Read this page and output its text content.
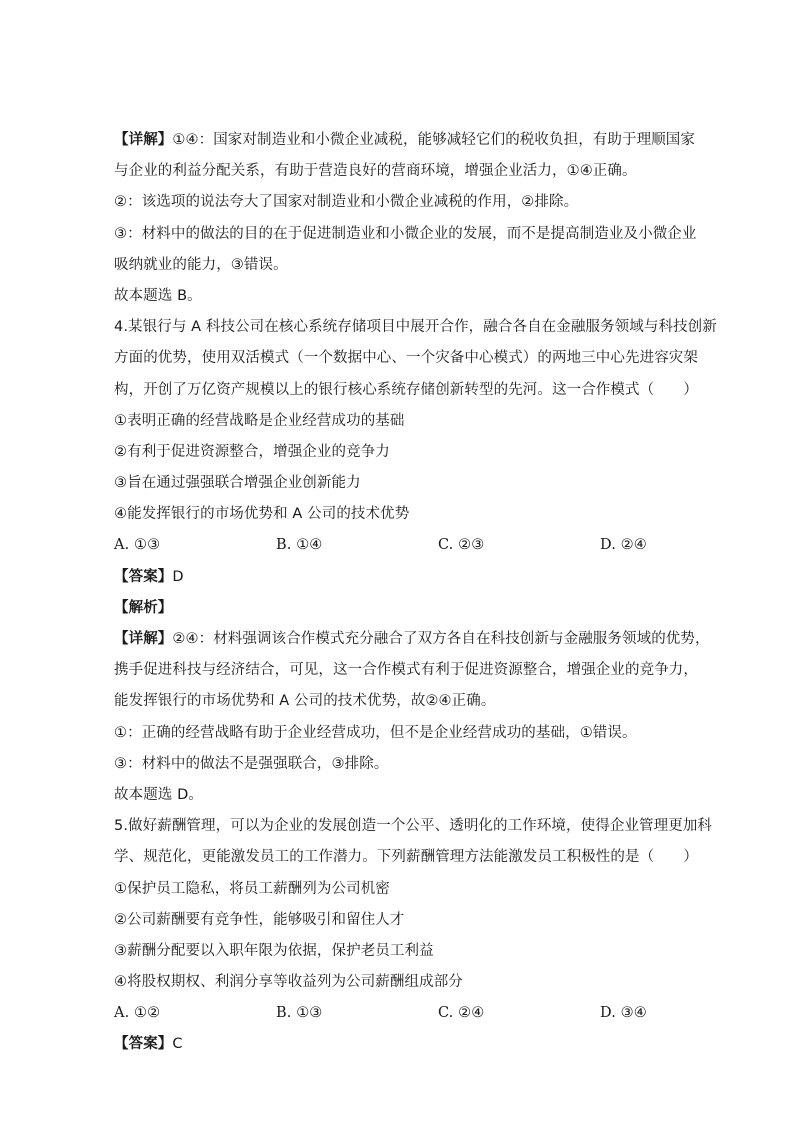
【详解】①④：国家对制造业和小微企业减税，能够减轻它们的税收负担，有助于理顺国家
与企业的利益分配关系，有助于营造良好的营商环境，增强企业活力，①④正确。
②：该选项的说法夸大了国家对制造业和小微企业减税的作用，②排除。
③：材料中的做法的目的在于促进制造业和小微企业的发展，而不是提高制造业及小微企业
吸纳就业的能力，③错误。
故本题选 B。
4.某银行与 A 科技公司在核心系统存储项目中展开合作，融合各自在金融服务领域与科技创新
方面的优势，使用双活模式（一个数据中心、一个灾备中心模式）的两地三中心先进容灾架
构，开创了万亿资产规模以上的银行核心系统存储创新转型的先河。这一合作模式（　　）
①表明正确的经营战略是企业经营成功的基础
②有利于促进资源整合，增强企业的竞争力
③旨在通过强强联合增强企业创新能力
④能发挥银行的市场优势和 A 公司的技术优势
A. ①③	B. ①④	C. ②③	D. ②④
【答案】D
【解析】
【详解】②④：材料强调该合作模式充分融合了双方各自在科技创新与金融服务领域的优势，
携手促进科技与经济结合，可见，这一合作模式有利于促进资源整合，增强企业的竞争力，
能发挥银行的市场优势和 A 公司的技术优势，故②④正确。
①：正确的经营战略有助于企业经营成功，但不是企业经营成功的基础，①错误。
③：材料中的做法不是强强联合，③排除。
故本题选 D。
5.做好薪酬管理，可以为企业的发展创造一个公平、透明化的工作环境，使得企业管理更加科
学、规范化，更能激发员工的工作潜力。下列薪酬管理方法能激发员工积极性的是（　　）
①保护员工隐私，将员工薪酬列为公司机密
②公司薪酬要有竞争性，能够吸引和留住人才
③薪酬分配要以入职年限为依据，保护老员工利益
④将股权期权、利润分享等收益列为公司薪酬组成部分
A. ①②	B. ①③	C. ②④	D. ③④
【答案】C
